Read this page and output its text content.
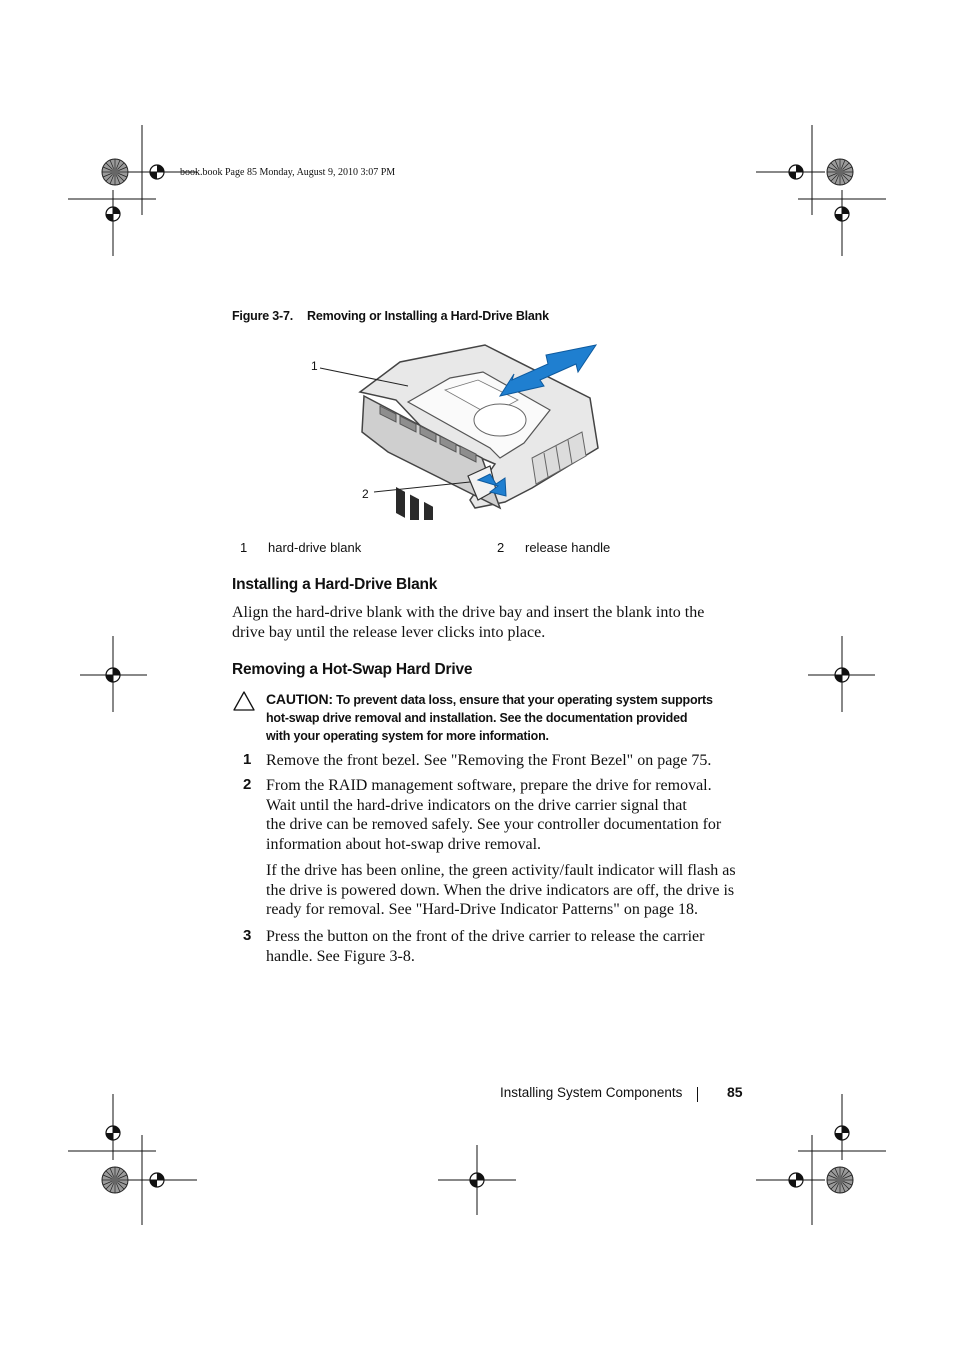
book.book Page 85 Monday, August 9, 2010 3:07 PM
Figure 3-7. Removing or Installing a Hard-Drive Blank
1
2
1 hard-drive blank	2 release handle
Installing a Hard-Drive Blank

Align the hard-drive blank with the drive bay and insert the blank into the

drive bay until the release lever clicks into place.

Removing a Hot-Swap Hard Drive
CAUTION: To prevent data loss, ensure that your operating system supports
hot-swap drive removal and installation. See the documentation provided
with your operating system for more information.
1 Remove the front bezel. See "Removing the Front Bezel" on page 75.

2 From the RAID management software, prepare the drive for removal.

Wait until the hard-drive indicators on the drive carrier signal that

the drive can be removed safely. See your controller documentation for

information about hot-swap drive removal.

If the drive has been online, the green activity/fault indicator will flash as

the drive is powered down. When the drive indicators are off, the drive is

ready for removal. See "Hard-Drive Indicator Patterns" on page 18.

3 Press the button on the front of the drive carrier to release the carrier

handle. See Figure 3-8.

Installing System Components	85
